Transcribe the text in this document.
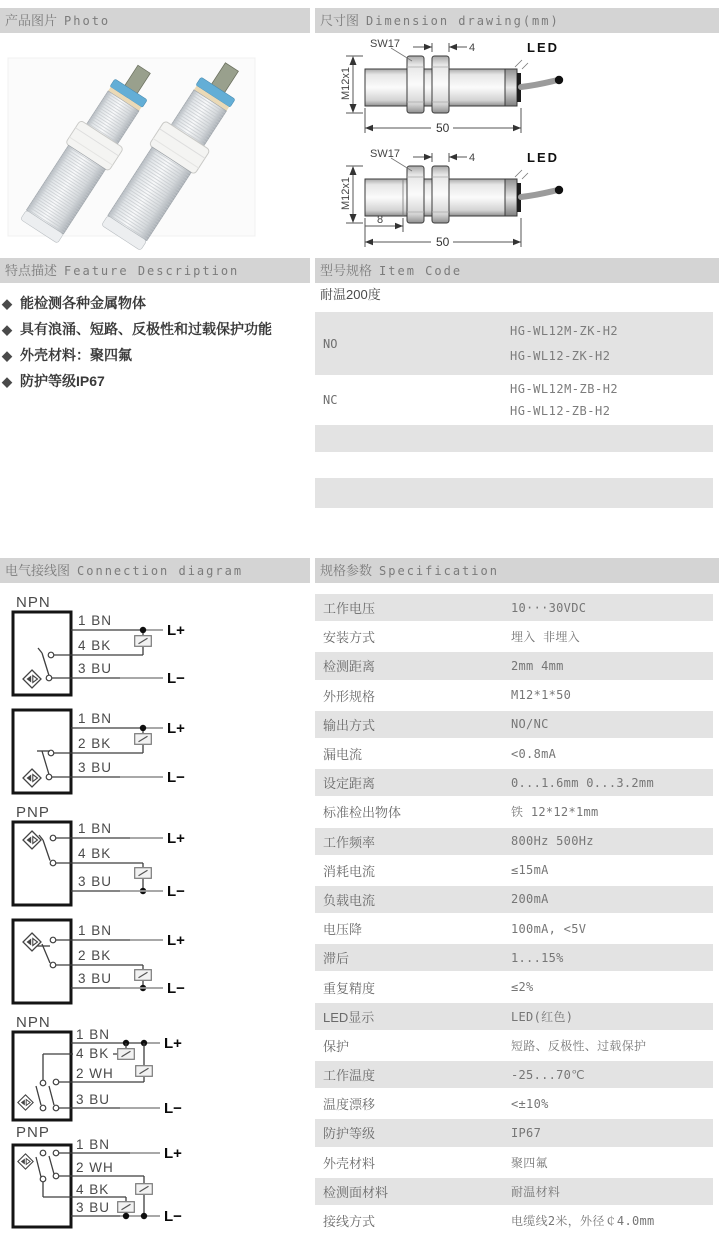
产品图片 Photo	尺寸图 Dimension drawing(mm)
特点描述 Feature Description	型号规格 Item Code
电气接线图 Connection diagram	规格参数 Specification
M12x1
SW17	4	LED
50
M12x1
SW17	4	LED
8
50
◆ 能检测各种金属物体
◆ 具有浪涌、短路、反极性和过载保护功能
◆ 外壳材料：聚四氟
◆ 防护等级IP67
耐温200度
NO
HG-WL12M-ZK-H2
HG-WL12-ZK-H2
NC
HG-WL12M-ZB-H2
HG-WL12-ZB-H2
NPN
1 BN
L+
4 BK
3 BU
L−
1 BN
L+
2 BK
3 BU
L−
PNP
1 BN
L+
4 BK
3 BU
L−
1 BN
L+
2 BK
3 BU
L−
NPN
1 BN
L+
4 BK
2 WH
3 BU
L−
PNP
1 BN
L+
2 WH
4 BK
3 BU
L−
工作电压	10···30VDC
安装方式	埋入 非埋入
检测距离	2mm 4mm
外形规格	M12*1*50
输出方式	NO/NC
漏电流	<0.8mA
设定距离	0...1.6mm 0...3.2mm
标准检出物体	铁 12*12*1mm
工作频率	800Hz 500Hz
消耗电流	≤15mA
负载电流	200mA
电压降	100mA, <5V
滞后	1...15%
重复精度	≤2%
LED显示	LED(红色)
保护	短路、反极性、过载保护
工作温度	-25...70℃
温度漂移	<±10%
防护等级	IP67
外壳材料	聚四氟
检测面材料	耐温材料
接线方式	电缆线2米，外径￠4.0mm
